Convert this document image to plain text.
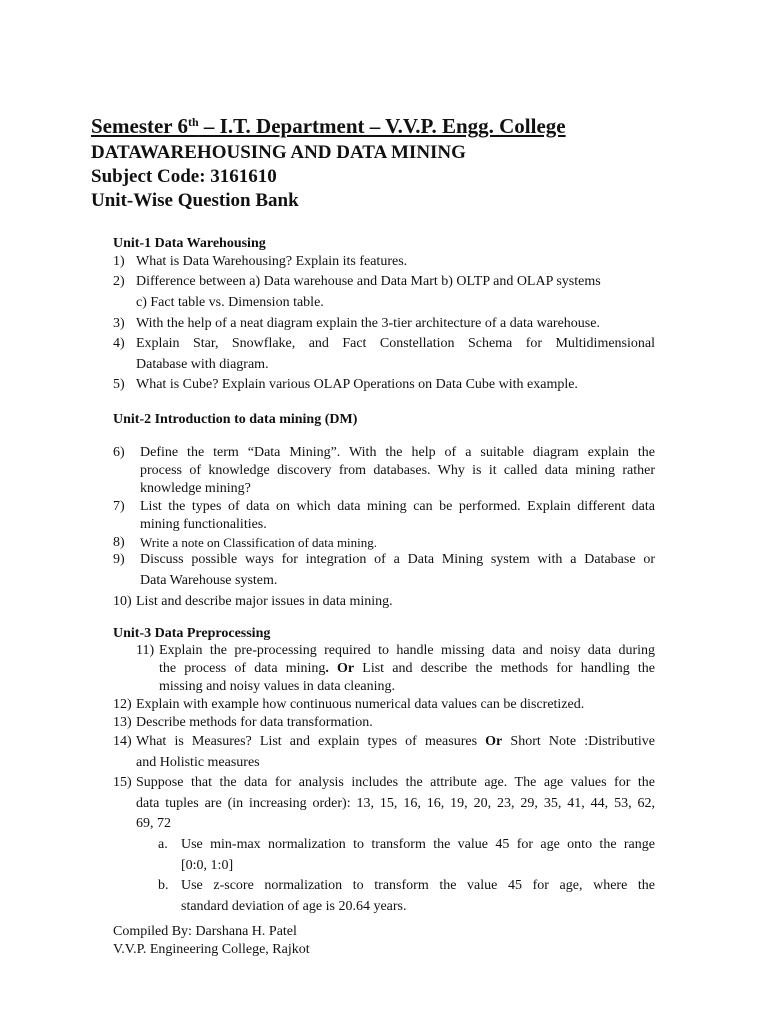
Semester 6th – I.T. Department – V.V.P. Engg. College
DATAWAREHOUSING AND DATA MINING
Subject Code: 3161610
Unit-Wise Question Bank
Unit-1 Data Warehousing
1) What is Data Warehousing? Explain its features.
2) Difference between a) Data warehouse and Data Mart b) OLTP and OLAP systems
c) Fact table vs. Dimension table.
3) With the help of a neat diagram explain the 3-tier architecture of a data warehouse.
4) Explain Star, Snowflake, and Fact Constellation Schema for Multidimensional
Database with diagram.
5) What is Cube? Explain various OLAP Operations on Data Cube with example.
Unit-2 Introduction to data mining (DM)
6) Define the term “Data Mining”. With the help of a suitable diagram explain the
process of knowledge discovery from databases. Why is it called data mining rather
knowledge mining?
7) List the types of data on which data mining can be performed. Explain different data
mining functionalities.
8) Write a note on Classification of data mining.
9) Discuss possible ways for integration of a Data Mining system with a Database or
Data Warehouse system.
10) List and describe major issues in data mining.
Unit-3 Data Preprocessing
11) Explain the pre-processing required to handle missing data and noisy data during
the process of data mining. Or List and describe the methods for handling the
missing and noisy values in data cleaning.
12) Explain with example how continuous numerical data values can be discretized.
13) Describe methods for data transformation.
14) What is Measures? List and explain types of measures Or Short Note :Distributive
and Holistic measures
15) Suppose that the data for analysis includes the attribute age. The age values for the
data tuples are (in increasing order): 13, 15, 16, 16, 19, 20, 23, 29, 35, 41, 44, 53, 62,
69, 72
a. Use min-max normalization to transform the value 45 for age onto the range
[0:0, 1:0]
b. Use z-score normalization to transform the value 45 for age, where the
standard deviation of age is 20.64 years.
Compiled By: Darshana H. Patel
V.V.P. Engineering College, Rajkot
